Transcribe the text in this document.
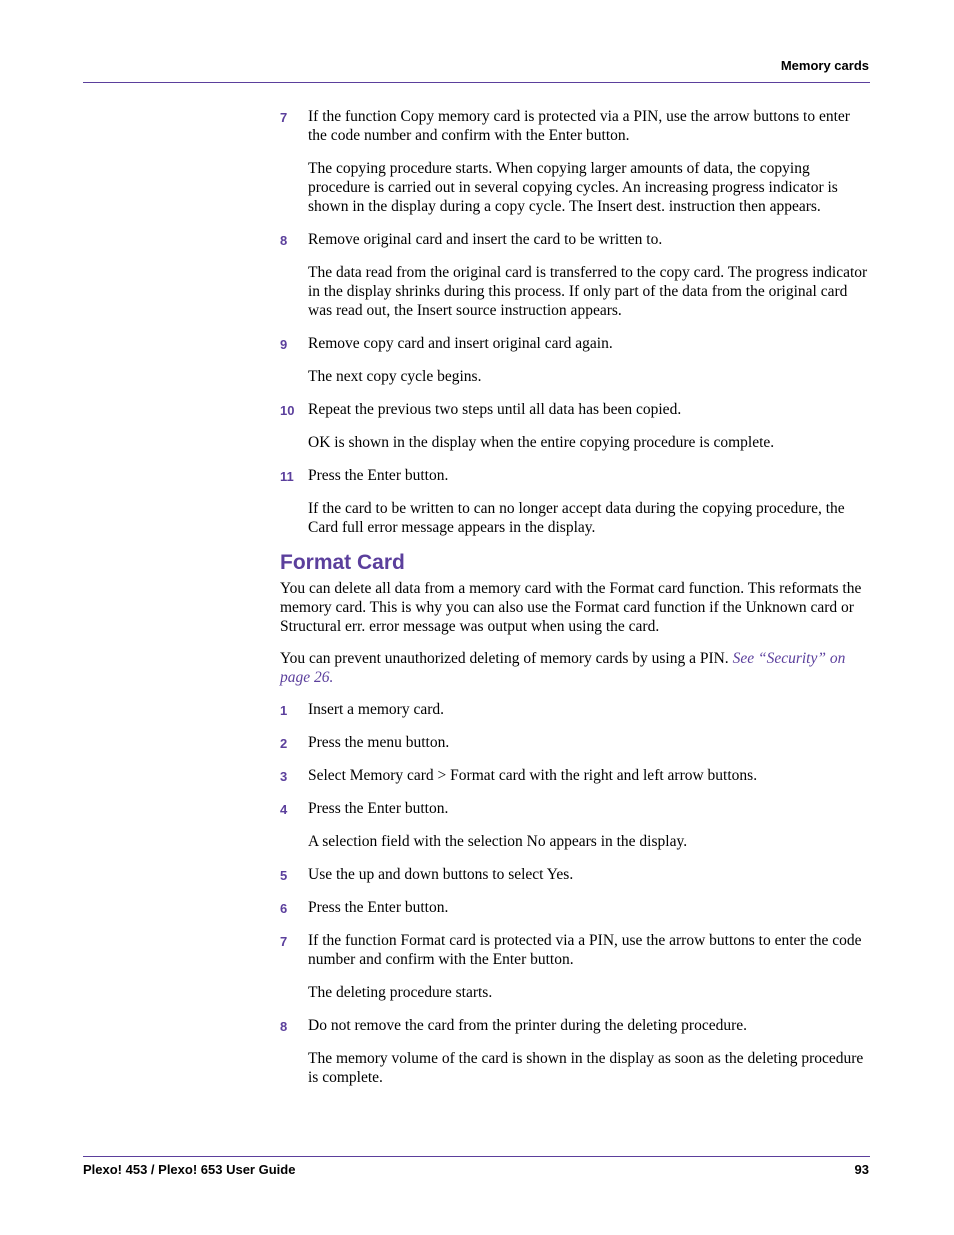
Memory cards

7 If the function Copy memory card is protected via a PIN, use the arrow buttons to enter the code number and confirm with the Enter button.

The copying procedure starts. When copying larger amounts of data, the copying procedure is carried out in several copying cycles. An increasing progress indicator is shown in the display during a copy cycle. The Insert dest. instruction then appears.

8 Remove original card and insert the card to be written to.

The data read from the original card is transferred to the copy card. The progress indicator in the display shrinks during this process. If only part of the data from the original card was read out, the Insert source instruction appears.

9 Remove copy card and insert original card again.

The next copy cycle begins.

10 Repeat the previous two steps until all data has been copied.

OK is shown in the display when the entire copying procedure is complete.

11 Press the Enter button.

If the card to be written to can no longer accept data during the copying procedure, the Card full error message appears in the display.

Format Card

You can delete all data from a memory card with the Format card function. This reformats the memory card. This is why you can also use the Format card function if the Unknown card or Structural err. error message was output when using the card.

You can prevent unauthorized deleting of memory cards by using a PIN. See “Security” on page 26.

1 Insert a memory card.

2 Press the menu button.

3 Select Memory card > Format card with the right and left arrow buttons.

4 Press the Enter button.

A selection field with the selection No appears in the display.

5 Use the up and down buttons to select Yes.

6 Press the Enter button.

7 If the function Format card is protected via a PIN, use the arrow buttons to enter the code number and confirm with the Enter button.

The deleting procedure starts.

8 Do not remove the card from the printer during the deleting procedure.

The memory volume of the card is shown in the display as soon as the deleting procedure is complete.

Plexo! 453 / Plexo! 653 User Guide	93
